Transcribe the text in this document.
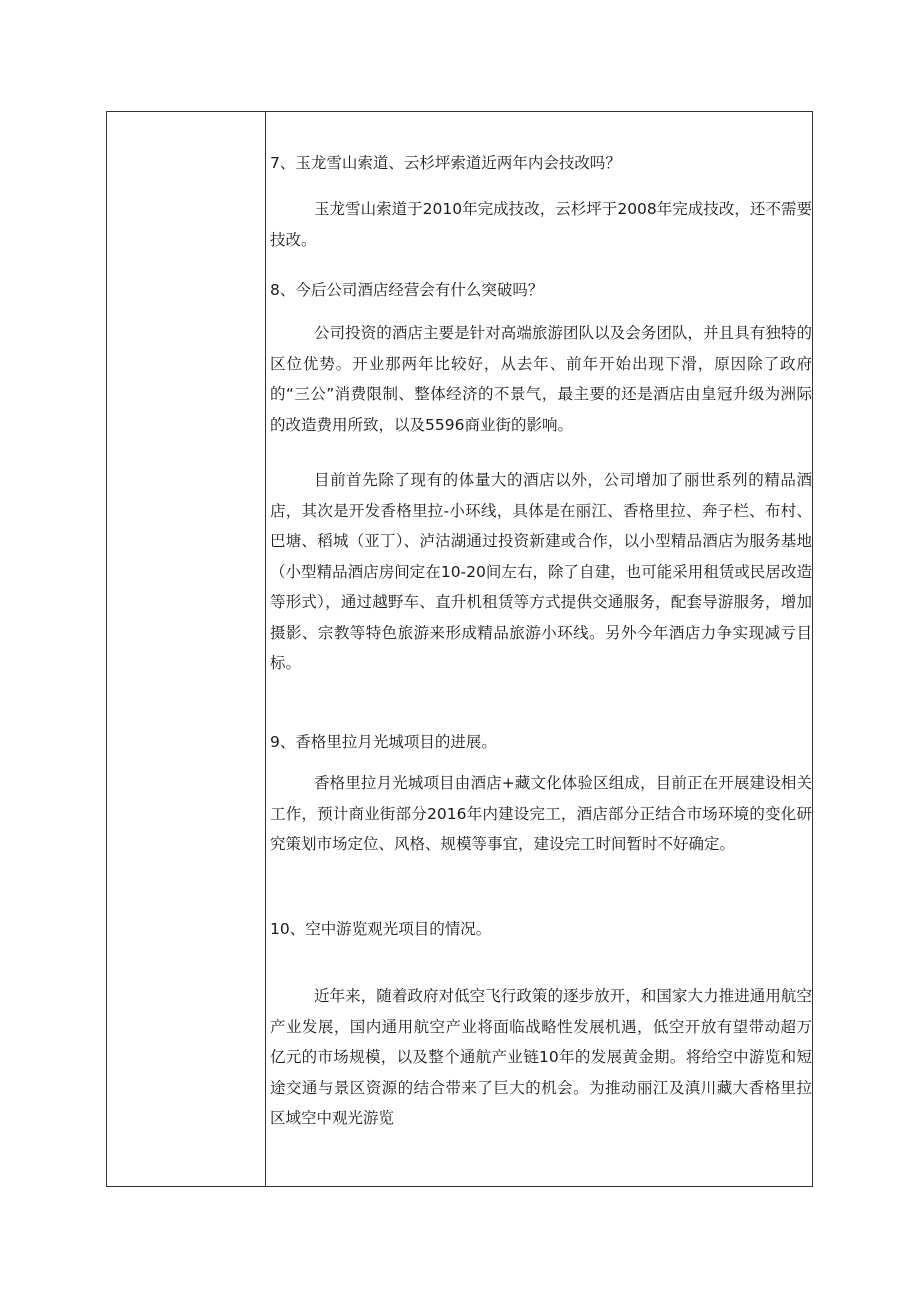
7、玉龙雪山索道、云杉坪索道近两年内会技改吗？
玉龙雪山索道于2010年完成技改，云杉坪于2008年完成技改，还不需要技改。
8、今后公司酒店经营会有什么突破吗？
公司投资的酒店主要是针对高端旅游团队以及会务团队，并且具有独特的区位优势。开业那两年比较好，从去年、前年开始出现下滑，原因除了政府的“三公”消费限制、整体经济的不景气，最主要的还是酒店由皇冠升级为洲际的改造费用所致，以及5596商业街的影响。
目前首先除了现有的体量大的酒店以外，公司增加了丽世系列的精品酒店，其次是开发香格里拉-小环线，具体是在丽江、香格里拉、奔子栏、布村、巴塘、稻城（亚丁）、泸沽湖通过投资新建或合作，以小型精品酒店为服务基地（小型精品酒店房间定在10-20间左右，除了自建，也可能采用租赁或民居改造等形式），通过越野车、直升机租赁等方式提供交通服务，配套导游服务，增加摄影、宗教等特色旅游来形成精品旅游小环线。另外今年酒店力争实现减亏目标。
9、香格里拉月光城项目的进展。
香格里拉月光城项目由酒店+藏文化体验区组成，目前正在开展建设相关工作，预计商业街部分2016年内建设完工，酒店部分正结合市场环境的变化研究策划市场定位、风格、规模等事宜，建设完工时间暂时不好确定。
10、空中游览观光项目的情况。
近年来，随着政府对低空飞行政策的逐步放开，和国家大力推进通用航空产业发展，国内通用航空产业将面临战略性发展机遇，低空开放有望带动超万亿元的市场规模，以及整个通航产业链10年的发展黄金期。将给空中游览和短途交通与景区资源的结合带来了巨大的机会。为推动丽江及滇川藏大香格里拉区域空中观光游览
